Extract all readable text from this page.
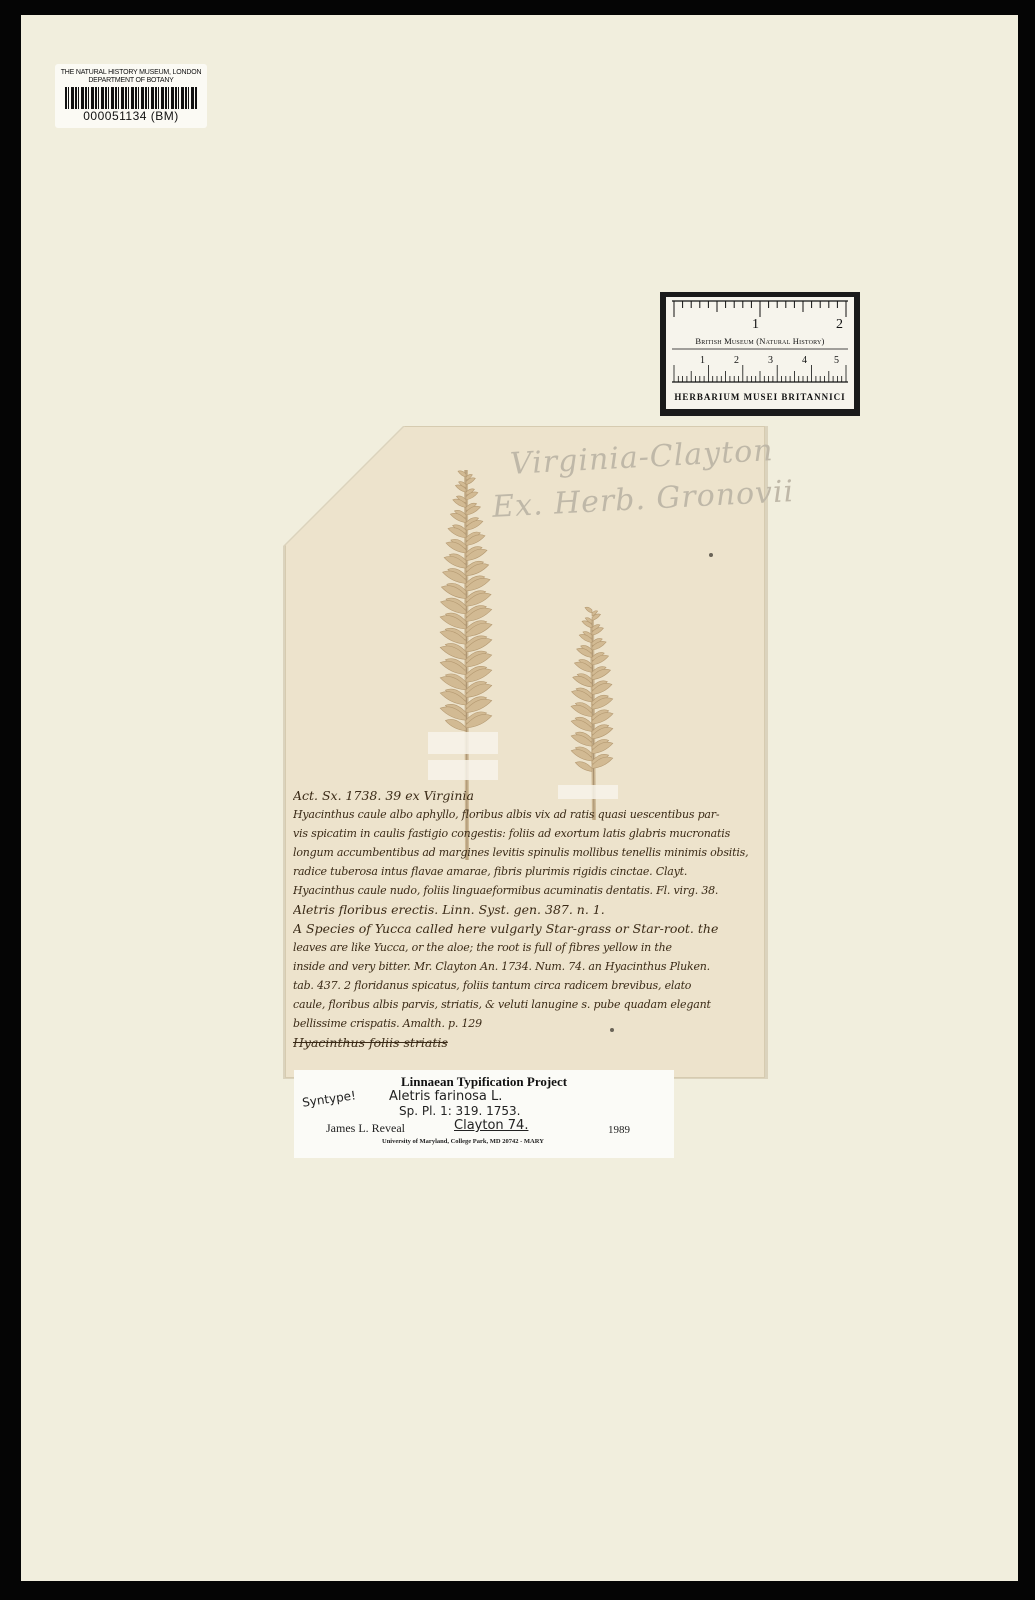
THE NATURAL HISTORY MUSEUM, LONDON
DEPARTMENT OF BOTANY
000051134 (BM)
1	2
British Museum (Natural History)
1	2	3	4	5
HERBARIUM MUSEI BRITANNICI
Virginia-Clayton
Ex. Herb. Gronovii
Act. Sx. 1738. 39 ex Virginia
Hyacinthus caule albo aphyllo, floribus albis vix ad ratis quasi uescentibus par-
vis spicatim in caulis fastigio congestis: foliis ad exortum latis glabris mucronatis
longum accumbentibus ad margines levitis spinulis mollibus tenellis minimis obsitis,
radice tuberosa intus flavae amarae, fibris plurimis rigidis cinctae. Clayt.
Hyacinthus caule nudo, foliis linguaeformibus acuminatis dentatis. Fl. virg. 38.
Aletris floribus erectis. Linn. Syst. gen. 387. n. 1.
A Species of Yucca called here vulgarly Star-grass or Star-root. the
leaves are like Yucca, or the aloe; the root is full of fibres yellow in the
inside and very bitter. Mr. Clayton An. 1734. Num. 74. an Hyacinthus Pluken.
tab. 437. 2 floridanus spicatus, foliis tantum circa radicem brevibus, elato
caule, floribus albis parvis, striatis, & veluti lanugine s. pube quadam elegant
bellissime crispatis. Amalth. p. 129
Hyacinthus foliis striatis
Linnaean Typification Project
Syntype! Aletris farinosa L.
Sp. Pl. 1: 319. 1753.
James L. Reveal	Clayton 74.	1989
University of Maryland, College Park, MD 20742 - MARY
